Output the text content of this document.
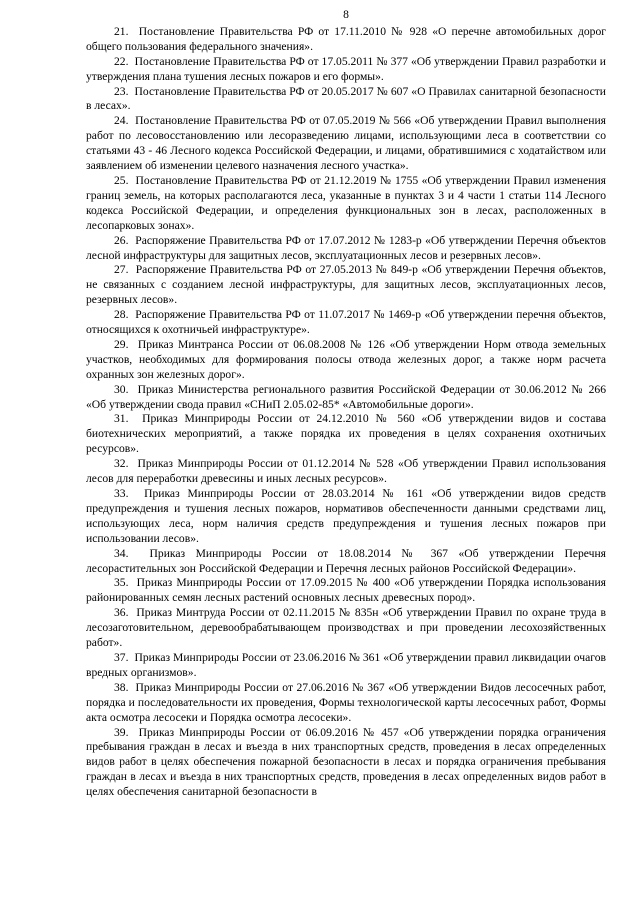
8

21.  Постановление Правительства РФ от 17.11.2010 № 928 «О перечне автомобильных дорог общего пользования федерального значения».

22.  Постановление Правительства РФ от 17.05.2011 № 377 «Об утверждении Правил разработки и утверждения плана тушения лесных пожаров и его формы».

23.  Постановление Правительства РФ от 20.05.2017 № 607 «О Правилах санитарной безопасности в лесах».

24.  Постановление Правительства РФ от 07.05.2019 № 566 «Об утверждении Правил выполнения работ по лесовосстановлению или лесоразведению лицами, использующими леса в соответствии со статьями 43 - 46 Лесного кодекса Российской Федерации, и лицами, обратившимися с ходатайством или заявлением об изменении целевого назначения лесного участка».

25.  Постановление Правительства РФ от 21.12.2019 № 1755 «Об утверждении Правил изменения границ земель, на которых располагаются леса, указанные в пунктах 3 и 4 части 1 статьи 114 Лесного кодекса Российской Федерации, и определения функциональных зон в лесах, расположенных в лесопарковых зонах».

26.  Распоряжение Правительства РФ от 17.07.2012 № 1283-р «Об утверждении Перечня объектов лесной инфраструктуры для защитных лесов, эксплуатационных лесов и резервных лесов».

27.  Распоряжение Правительства РФ от 27.05.2013 № 849-р «Об утверждении Перечня объектов, не связанных с созданием лесной инфраструктуры, для защитных лесов, эксплуатационных лесов, резервных лесов».

28.  Распоряжение Правительства РФ от 11.07.2017 № 1469-р «Об утверждении перечня объектов, относящихся к охотничьей инфраструктуре».

29.  Приказ Минтранса России от 06.08.2008 № 126 «Об утверждении Норм отвода земельных участков, необходимых для формирования полосы отвода железных дорог, а также норм расчета охранных зон железных дорог».

30.  Приказ Министерства регионального развития Российской Федерации от 30.06.2012 № 266 «Об утверждении свода правил «СНиП 2.05.02-85* «Автомобильные дороги».

31.  Приказ Минприроды России от 24.12.2010 № 560 «Об утверждении видов и состава биотехнических мероприятий, а также порядка их проведения в целях сохранения охотничьих ресурсов».

32.  Приказ Минприроды России от 01.12.2014 № 528 «Об утверждении Правил использования лесов для переработки древесины и иных лесных ресурсов».

33.  Приказ Минприроды России от 28.03.2014 № 161 «Об утверждении видов средств предупреждения и тушения лесных пожаров, нормативов обеспеченности данными средствами лиц, использующих леса, норм наличия средств предупреждения и тушения лесных пожаров при использовании лесов».

34.  Приказ Минприроды России от 18.08.2014 № 367 «Об утверждении Перечня лесорастительных зон Российской Федерации и Перечня лесных районов Российской Федерации».

35.  Приказ Минприроды России от 17.09.2015 № 400 «Об утверждении Порядка использования районированных семян лесных растений основных лесных древесных пород».

36.  Приказ Минтруда России от 02.11.2015 № 835н «Об утверждении Правил по охране труда в лесозаготовительном, деревообрабатывающем производствах и при проведении лесохозяйственных работ».

37.  Приказ Минприроды России от 23.06.2016 № 361 «Об утверждении правил ликвидации очагов вредных организмов».

38.  Приказ Минприроды России от 27.06.2016 № 367 «Об утверждении Видов лесосечных работ, порядка и последовательности их проведения, Формы технологической карты лесосечных работ, Формы акта осмотра лесосеки и Порядка осмотра лесосеки».

39.  Приказ Минприроды России от 06.09.2016 № 457 «Об утверждении порядка ограничения пребывания граждан в лесах и въезда в них транспортных средств, проведения в лесах определенных видов работ в целях обеспечения пожарной безопасности в лесах и порядка ограничения пребывания граждан в лесах и въезда в них транспортных средств, проведения в лесах определенных видов работ в целях обеспечения санитарной безопасности в
